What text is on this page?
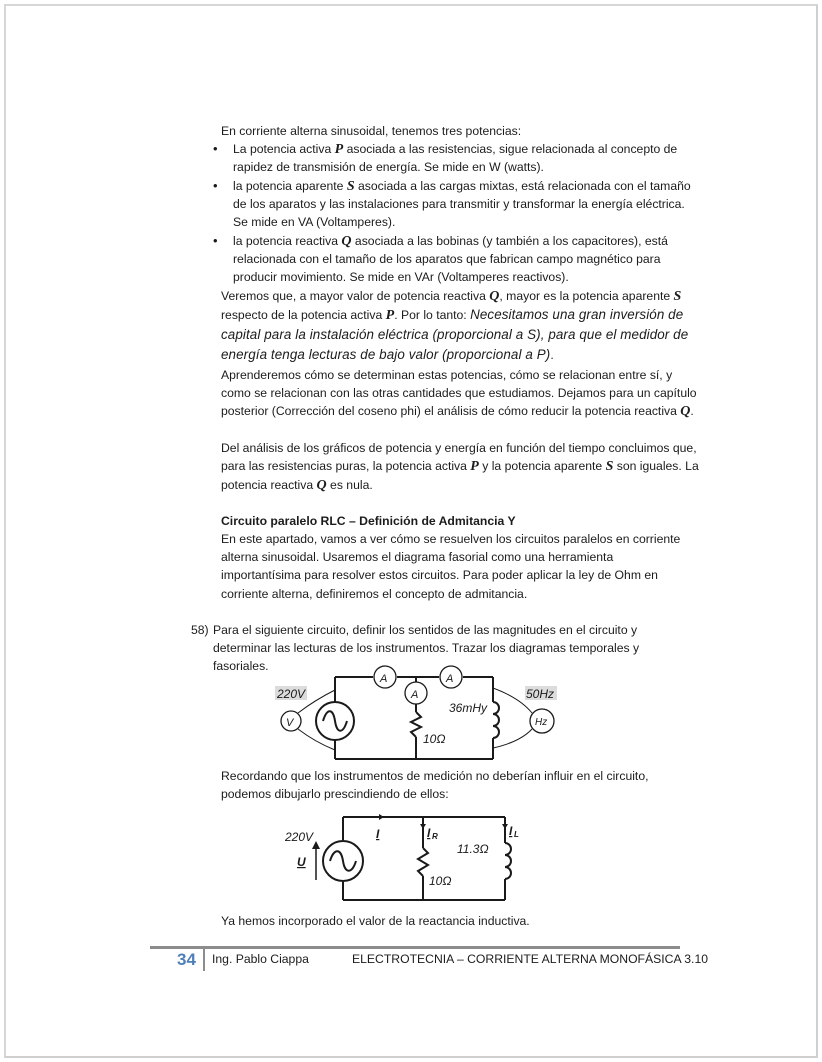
En corriente alterna sinusoidal, tenemos tres potencias:
• La potencia activa P asociada a las resistencias, sigue relacionada al concepto de
rapidez de transmisión de energía. Se mide en W (watts).
• la potencia aparente S asociada a las cargas mixtas, está relacionada con el tamaño
de los aparatos y las instalaciones para transmitir y transformar la energía eléctrica.
Se mide en VA (Voltamperes).
• la potencia reactiva Q asociada a las bobinas (y también a los capacitores), está
relacionada con el tamaño de los aparatos que fabrican campo magnético para
producir movimiento. Se mide en VAr (Voltamperes reactivos).
Veremos que, a mayor valor de potencia reactiva Q, mayor es la potencia aparente S
respecto de la potencia activa P. Por lo tanto: Necesitamos una gran inversión de
capital para la instalación eléctrica (proporcional a S), para que el medidor de
energía tenga lecturas de bajo valor (proporcional a P).
Aprenderemos cómo se determinan estas potencias, cómo se relacionan entre sí, y
como se relacionan con las otras cantidades que estudiamos. Dejamos para un capítulo
posterior (Corrección del coseno phi) el análisis de cómo reducir la potencia reactiva Q.
Del análisis de los gráficos de potencia y energía en función del tiempo concluimos que,
para las resistencias puras, la potencia activa P y la potencia aparente S son iguales. La
potencia reactiva Q es nula.
Circuito paralelo RLC – Definición de Admitancia Y
En este apartado, vamos a ver cómo se resuelven los circuitos paralelos en corriente
alterna sinusoidal. Usaremos el diagrama fasorial como una herramienta
importantísima para resolver estos circuitos. Para poder aplicar la ley de Ohm en
corriente alterna, definiremos el concepto de admitancia.
58) Para el siguiente circuito, definir los sentidos de las magnitudes en el circuito y
determinar las lecturas de los instrumentos. Trazar los diagramas temporales y
fasoriales.
220V	50Hz
V
A	A
A
Hz
36mHy
10Ω
Recordando que los instrumentos de medición no deberían influir en el circuito,
podemos dibujarlo prescindiendo de ellos:
220V
U
I	I R	I L
11.3Ω
10Ω
Ya hemos incorporado el valor de la reactancia inductiva.
34 Ing. Pablo Ciappa	ELECTROTECNIA – CORRIENTE ALTERNA MONOFÁSICA 3.10
